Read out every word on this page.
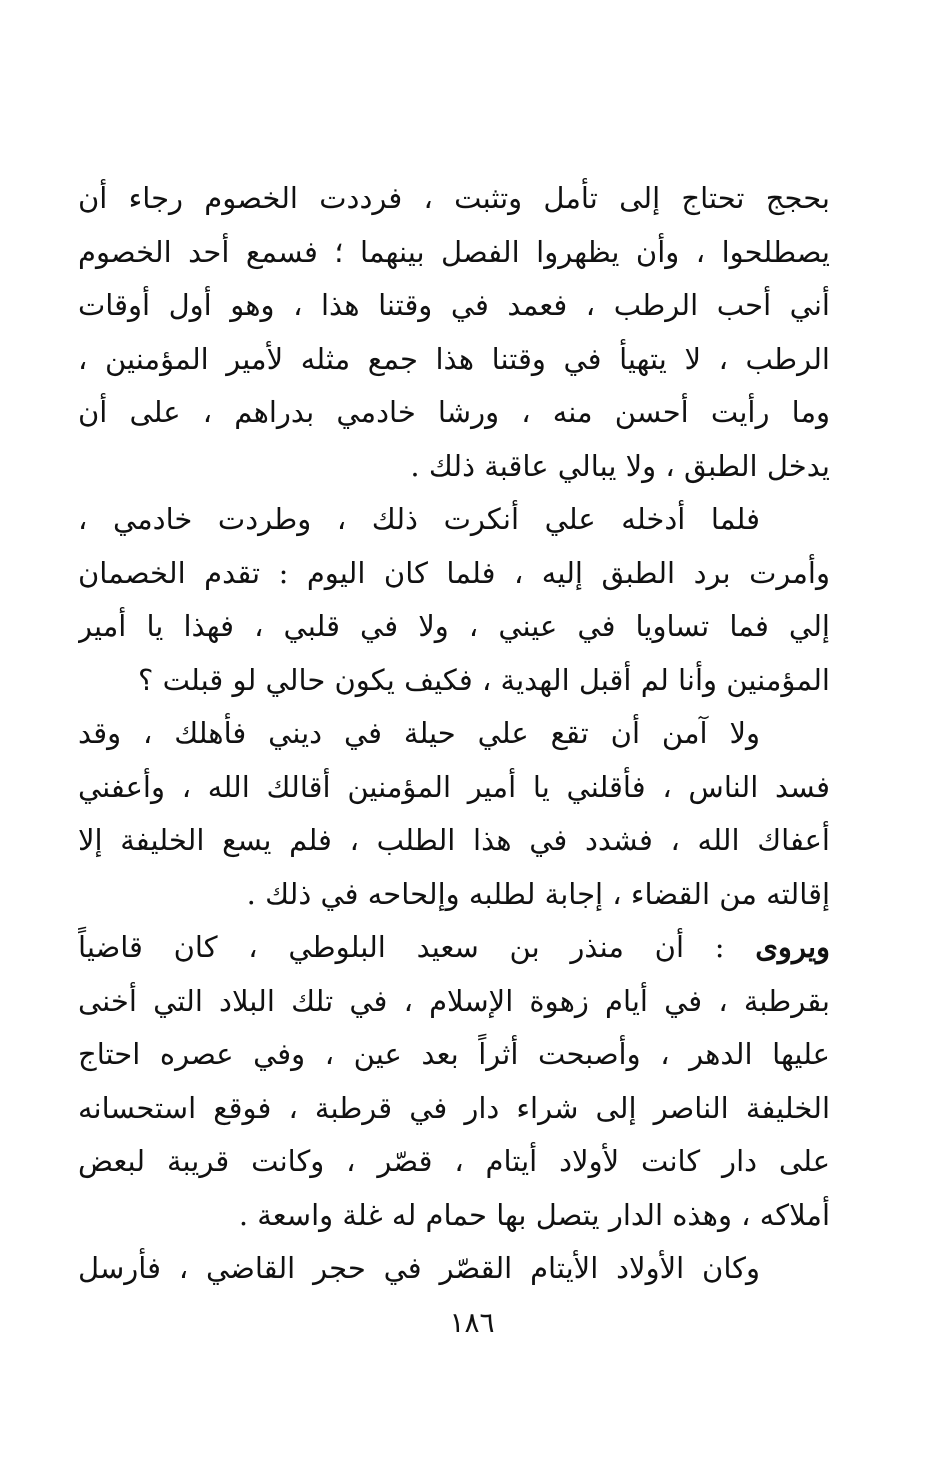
بحجج تحتاج إلى تأمل وتثبت ، فرددت الخصوم رجاء أن
يصطلحوا ، وأن يظهروا الفصل بينهما ؛ فسمع أحد الخصوم
أني أحب الرطب ، فعمد في وقتنا هذا ، وهو أول أوقات
الرطب ، لا يتهيأ في وقتنا هذا جمع مثله لأمير المؤمنين ،
وما رأيت أحسن منه ، ورشا خادمي بدراهم ، على أن
يدخل الطبق ، ولا يبالي عاقبة ذلك .
فلما أدخله علي أنكرت ذلك ، وطردت خادمي ،
وأمرت برد الطبق إليه ، فلما كان اليوم : تقدم الخصمان
إلي فما تساويا في عيني ، ولا في قلبي ، فهذا يا أمير
المؤمنين وأنا لم أقبل الهدية ، فكيف يكون حالي لو قبلت ؟
ولا آمن أن تقع علي حيلة في ديني فأهلك ، وقد
فسد الناس ، فأقلني يا أمير المؤمنين أقالك الله ، وأعفني
أعفاك الله ، فشدد في هذا الطلب ، فلم يسع الخليفة إلا
إقالته من القضاء ، إجابة لطلبه وإلحاحه في ذلك .
ويروى : أن منذر بن سعيد البلوطي ، كان قاضياً
بقرطبة ، في أيام زهوة الإسلام ، في تلك البلاد التي أخنى
عليها الدهر ، وأصبحت أثراً بعد عين ، وفي عصره احتاج
الخليفة الناصر إلى شراء دار في قرطبة ، فوقع استحسانه
على دار كانت لأولاد أيتام ، قصّر ، وكانت قريبة لبعض
أملاكه ، وهذه الدار يتصل بها حمام له غلة واسعة .
وكان الأولاد الأيتام القصّر في حجر القاضي ، فأرسل
١٨٦
